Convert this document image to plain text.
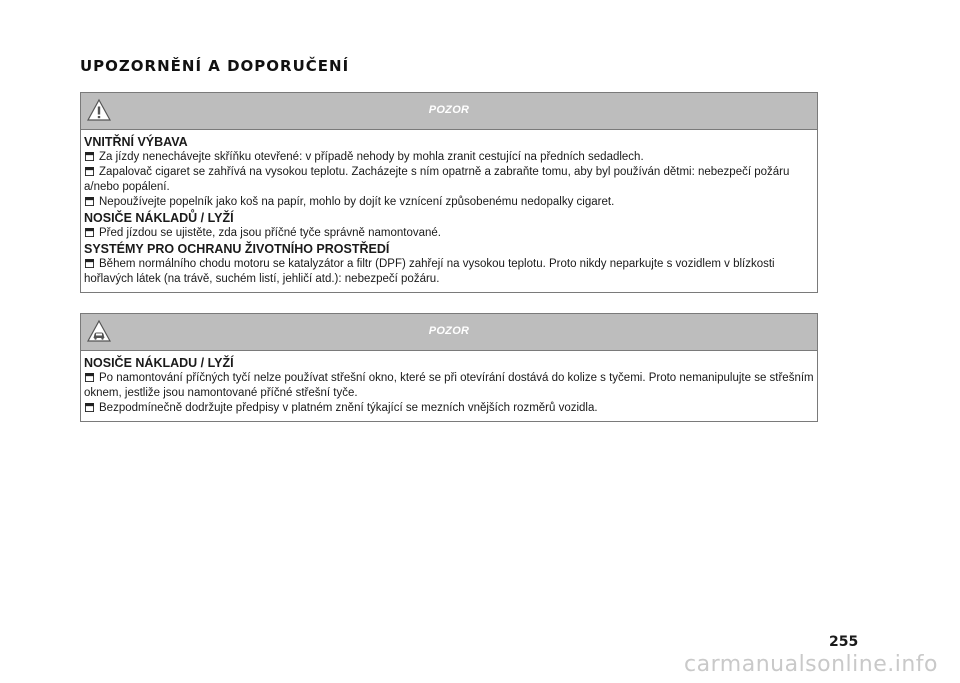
UPOZORNĚNÍ A DOPORUČENÍ
POZOR
VNITŘNÍ VÝBAVA

Za jízdy nenechávejte skříňku otevřené: v případě nehody by mohla zranit cestující na předních sedadlech.

Zapalovač cigaret se zahřívá na vysokou teplotu. Zacházejte s ním opatrně a zabraňte tomu, aby byl používán dětmi: nebezpečí požáru a/nebo popálení.

Nepoužívejte popelník jako koš na papír, mohlo by dojít ke vznícení způsobenému nedopalky cigaret.

NOSIČE NÁKLADŮ / LYŽÍ

Před jízdou se ujistěte, zda jsou příčné tyče správně namontované.

SYSTÉMY PRO OCHRANU ŽIVOTNÍHO PROSTŘEDÍ

Během normálního chodu motoru se katalyzátor a filtr (DPF) zahřejí na vysokou teplotu. Proto nikdy neparkujte s vozidlem v blízkosti hořlavých látek (na trávě, suchém listí, jehličí atd.): nebezpečí požáru.

POZOR
NOSIČE NÁKLADU / LYŽÍ

Po namontování příčných tyčí nelze používat střešní okno, které se při otevírání dostává do kolize s tyčemi. Proto nemanipulujte se střešním oknem, jestliže jsou namontované příčné střešní tyče.

Bezpodmínečně dodržujte předpisy v platném znění týkající se mezních vnějších rozměrů vozidla.

255
carmanualsonline.info
